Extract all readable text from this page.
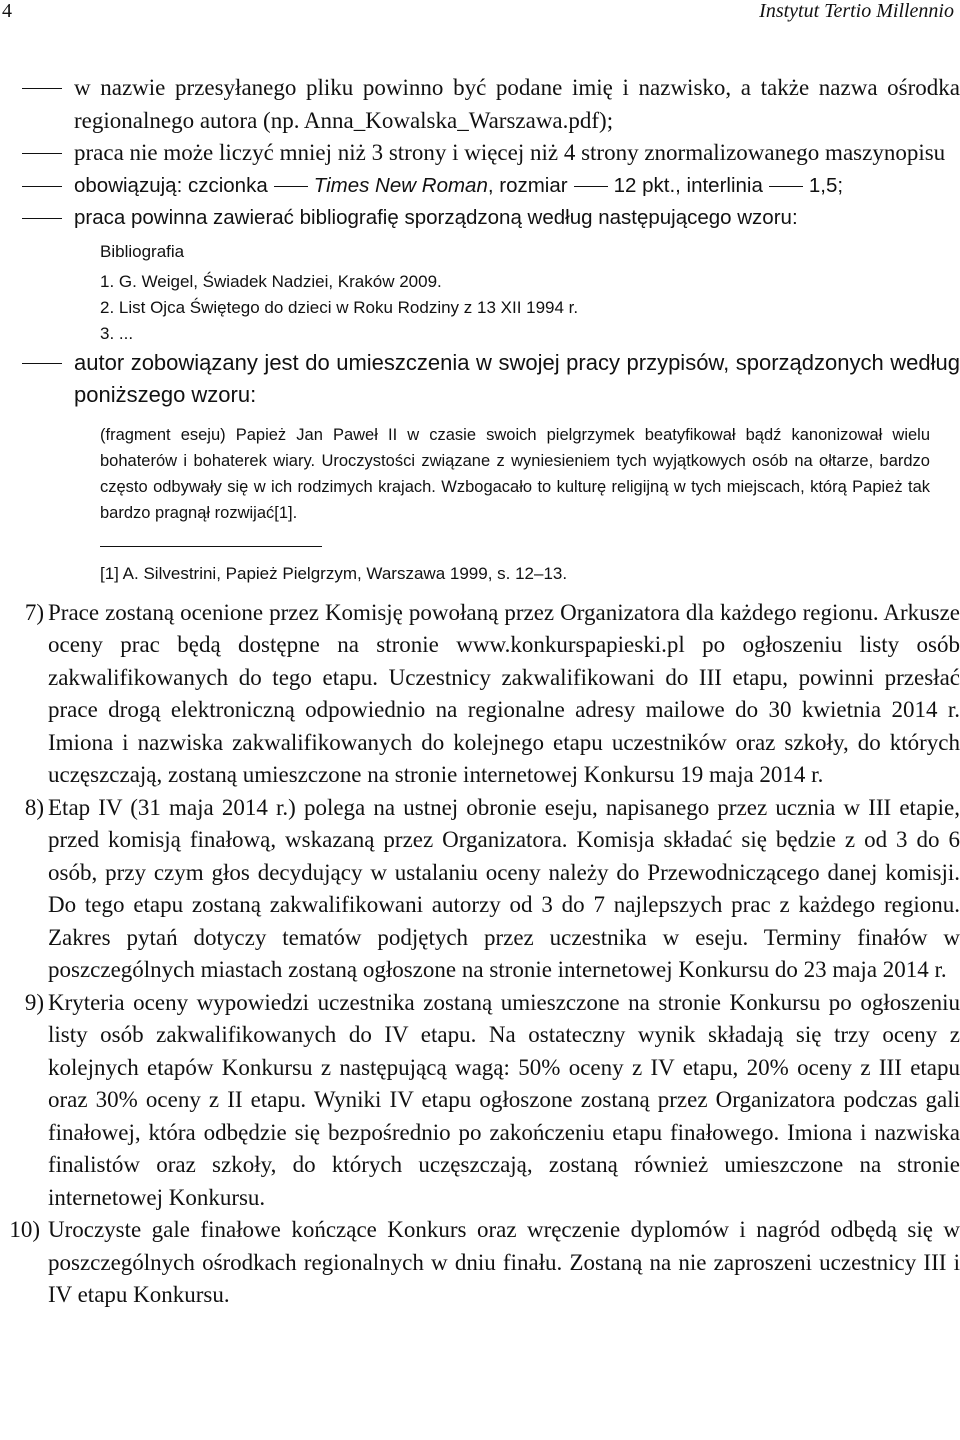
4	Instytut Tertio Millennio
w nazwie przesyłanego pliku powinno być podane imię i nazwisko, a także nazwa ośrodka regionalnego autora (np. Anna_Kowalska_Warszawa.pdf);
praca nie może liczyć mniej niż 3 strony i więcej niż 4 strony znormalizowanego maszynopisu
obowiązują: czcionka Times New Roman, rozmiar 12 pkt., interlinia 1,5;
praca powinna zawierać bibliografię sporządzoną według następującego wzoru:
Bibliografia
1. G. Weigel, Świadek Nadziei, Kraków 2009.
2. List Ojca Świętego do dzieci w Roku Rodziny z 13 XII 1994 r.
3. ...
autor zobowiązany jest do umieszczenia w swojej pracy przypisów, sporządzonych według poniższego wzoru:
(fragment eseju) Papież Jan Paweł II w czasie swoich pielgrzymek beatyfikował bądź kanonizował wielu bohaterów i bohaterek wiary. Uroczystości związane z wyniesieniem tych wyjątkowych osób na ołtarze, bardzo często odbywały się w ich rodzimych krajach. Wzbogacało to kulturę religijną w tych miejscach, którą Papież tak bardzo pragnął rozwijać[1].
[1] A. Silvestrini, Papież Pielgrzym, Warszawa 1999, s. 12–13.
7) Prace zostaną ocenione przez Komisję powołaną przez Organizatora dla każdego regionu. Arkusze oceny prac będą dostępne na stronie www.konkurspapieski.pl po ogłoszeniu listy osób zakwalifikowanych do tego etapu. Uczestnicy zakwalifikowani do III etapu, powinni przesłać prace drogą elektroniczną odpowiednio na regionalne adresy mailowe do 30 kwietnia 2014 r. Imiona i nazwiska zakwalifikowanych do kolejnego etapu uczestników oraz szkoły, do których uczęszczają, zostaną umieszczone na stronie internetowej Konkursu 19 maja 2014 r.
8) Etap IV (31 maja 2014 r.) polega na ustnej obronie eseju, napisanego przez ucznia w III etapie, przed komisją finałową, wskazaną przez Organizatora. Komisja składać się będzie z od 3 do 6 osób, przy czym głos decydujący w ustalaniu oceny należy do Przewodniczącego danej komisji. Do tego etapu zostaną zakwalifikowani autorzy od 3 do 7 najlepszych prac z każdego regionu. Zakres pytań dotyczy tematów podjętych przez uczestnika w eseju. Terminy finałów w poszczególnych miastach zostaną ogłoszone na stronie internetowej Konkursu do 23 maja 2014 r.
9) Kryteria oceny wypowiedzi uczestnika zostaną umieszczone na stronie Konkursu po ogłoszeniu listy osób zakwalifikowanych do IV etapu. Na ostateczny wynik składają się trzy oceny z kolejnych etapów Konkursu z następującą wagą: 50% oceny z IV etapu, 20% oceny z III etapu oraz 30% oceny z II etapu. Wyniki IV etapu ogłoszone zostaną przez Organizatora podczas gali finałowej, która odbędzie się bezpośrednio po zakończeniu etapu finałowego. Imiona i nazwiska finalistów oraz szkoły, do których uczęszczają, zostaną również umieszczone na stronie internetowej Konkursu.
10) Uroczyste gale finałowe kończące Konkurs oraz wręczenie dyplomów i nagród odbędą się w poszczególnych ośrodkach regionalnych w dniu finału. Zostaną na nie zaproszeni uczestnicy III i IV etapu Konkursu.
